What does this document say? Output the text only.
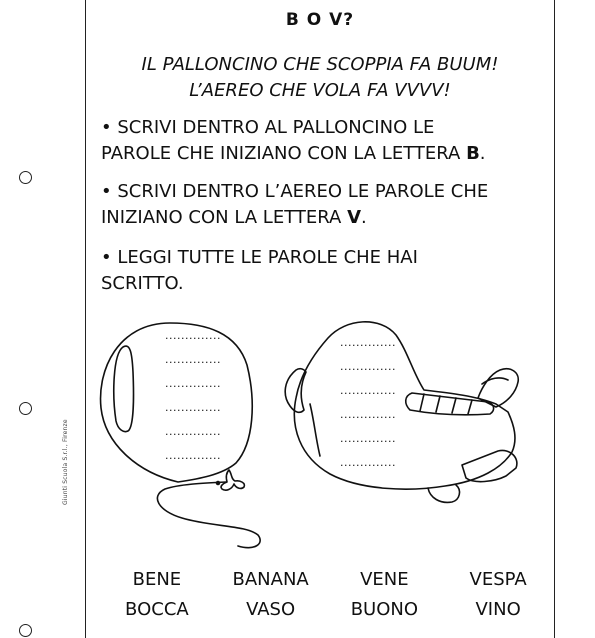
Giunti Scuola S.r.l., Firenze
B O V?
IL PALLONCINO CHE SCOPPIA FA BUUM!
L’AEREO CHE VOLA FA VVVV!
• SCRIVI DENTRO AL PALLONCINO LE
PAROLE CHE INIZIANO CON LA LETTERA B.
• SCRIVI DENTRO L’AEREO LE PAROLE CHE
INIZIANO CON LA LETTERA V.
• LEGGI TUTTE LE PAROLE CHE HAI
SCRITTO.
..............
..............
..............
..............
..............
..............
..............
..............
..............
..............
..............
..............
BENE	BANANA	VENE	VESPA
BOCCA	VASO	BUONO	VINO
